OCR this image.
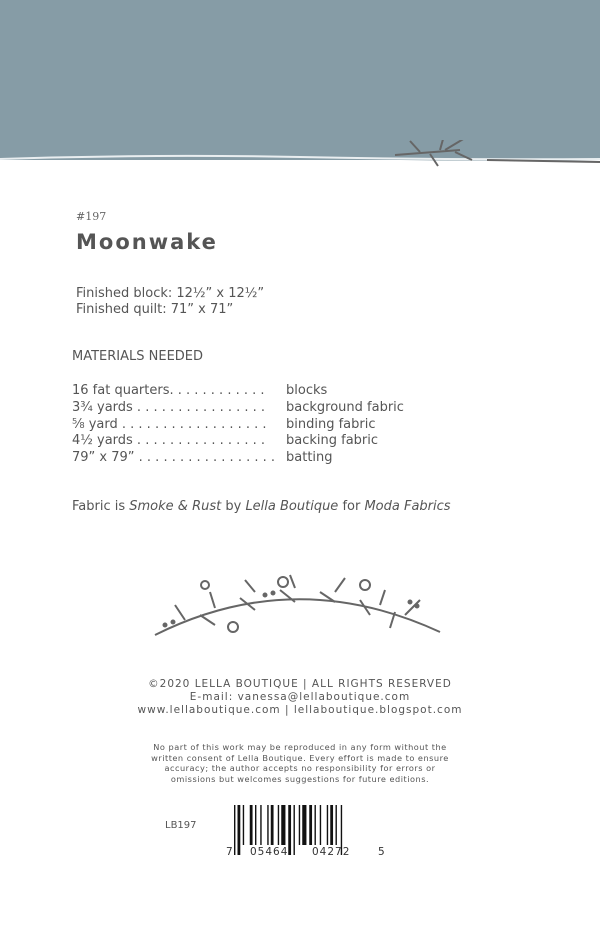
#197
Moonwake
Finished block: 12½” x 12½”
Finished quilt: 71” x 71”
MATERIALS NEEDED
16 fat quarters. . . . . . . . . . . . blocks
3¾ yards . . . . . . . . . . . . . . . . background fabric
⅝ yard . . . . . . . . . . . . . . . . . . binding fabric
4½ yards . . . . . . . . . . . . . . . . backing fabric
79” x 79” . . . . . . . . . . . . . . . . . batting
Fabric is Smoke & Rust by Lella Boutique for Moda Fabrics
©2020 LELLA BOUTIQUE | ALL RIGHTS RESERVED
E-mail: vanessa@lellaboutique.com
www.lellaboutique.com | lellaboutique.blogspot.com
No part of this work may be reproduced in any form without the
written consent of Lella Boutique. Every effort is made to ensure
accuracy; the author accepts no responsibility for errors or
omissions but welcomes suggestions for future editions.
LB197
7 05464 04272	5
